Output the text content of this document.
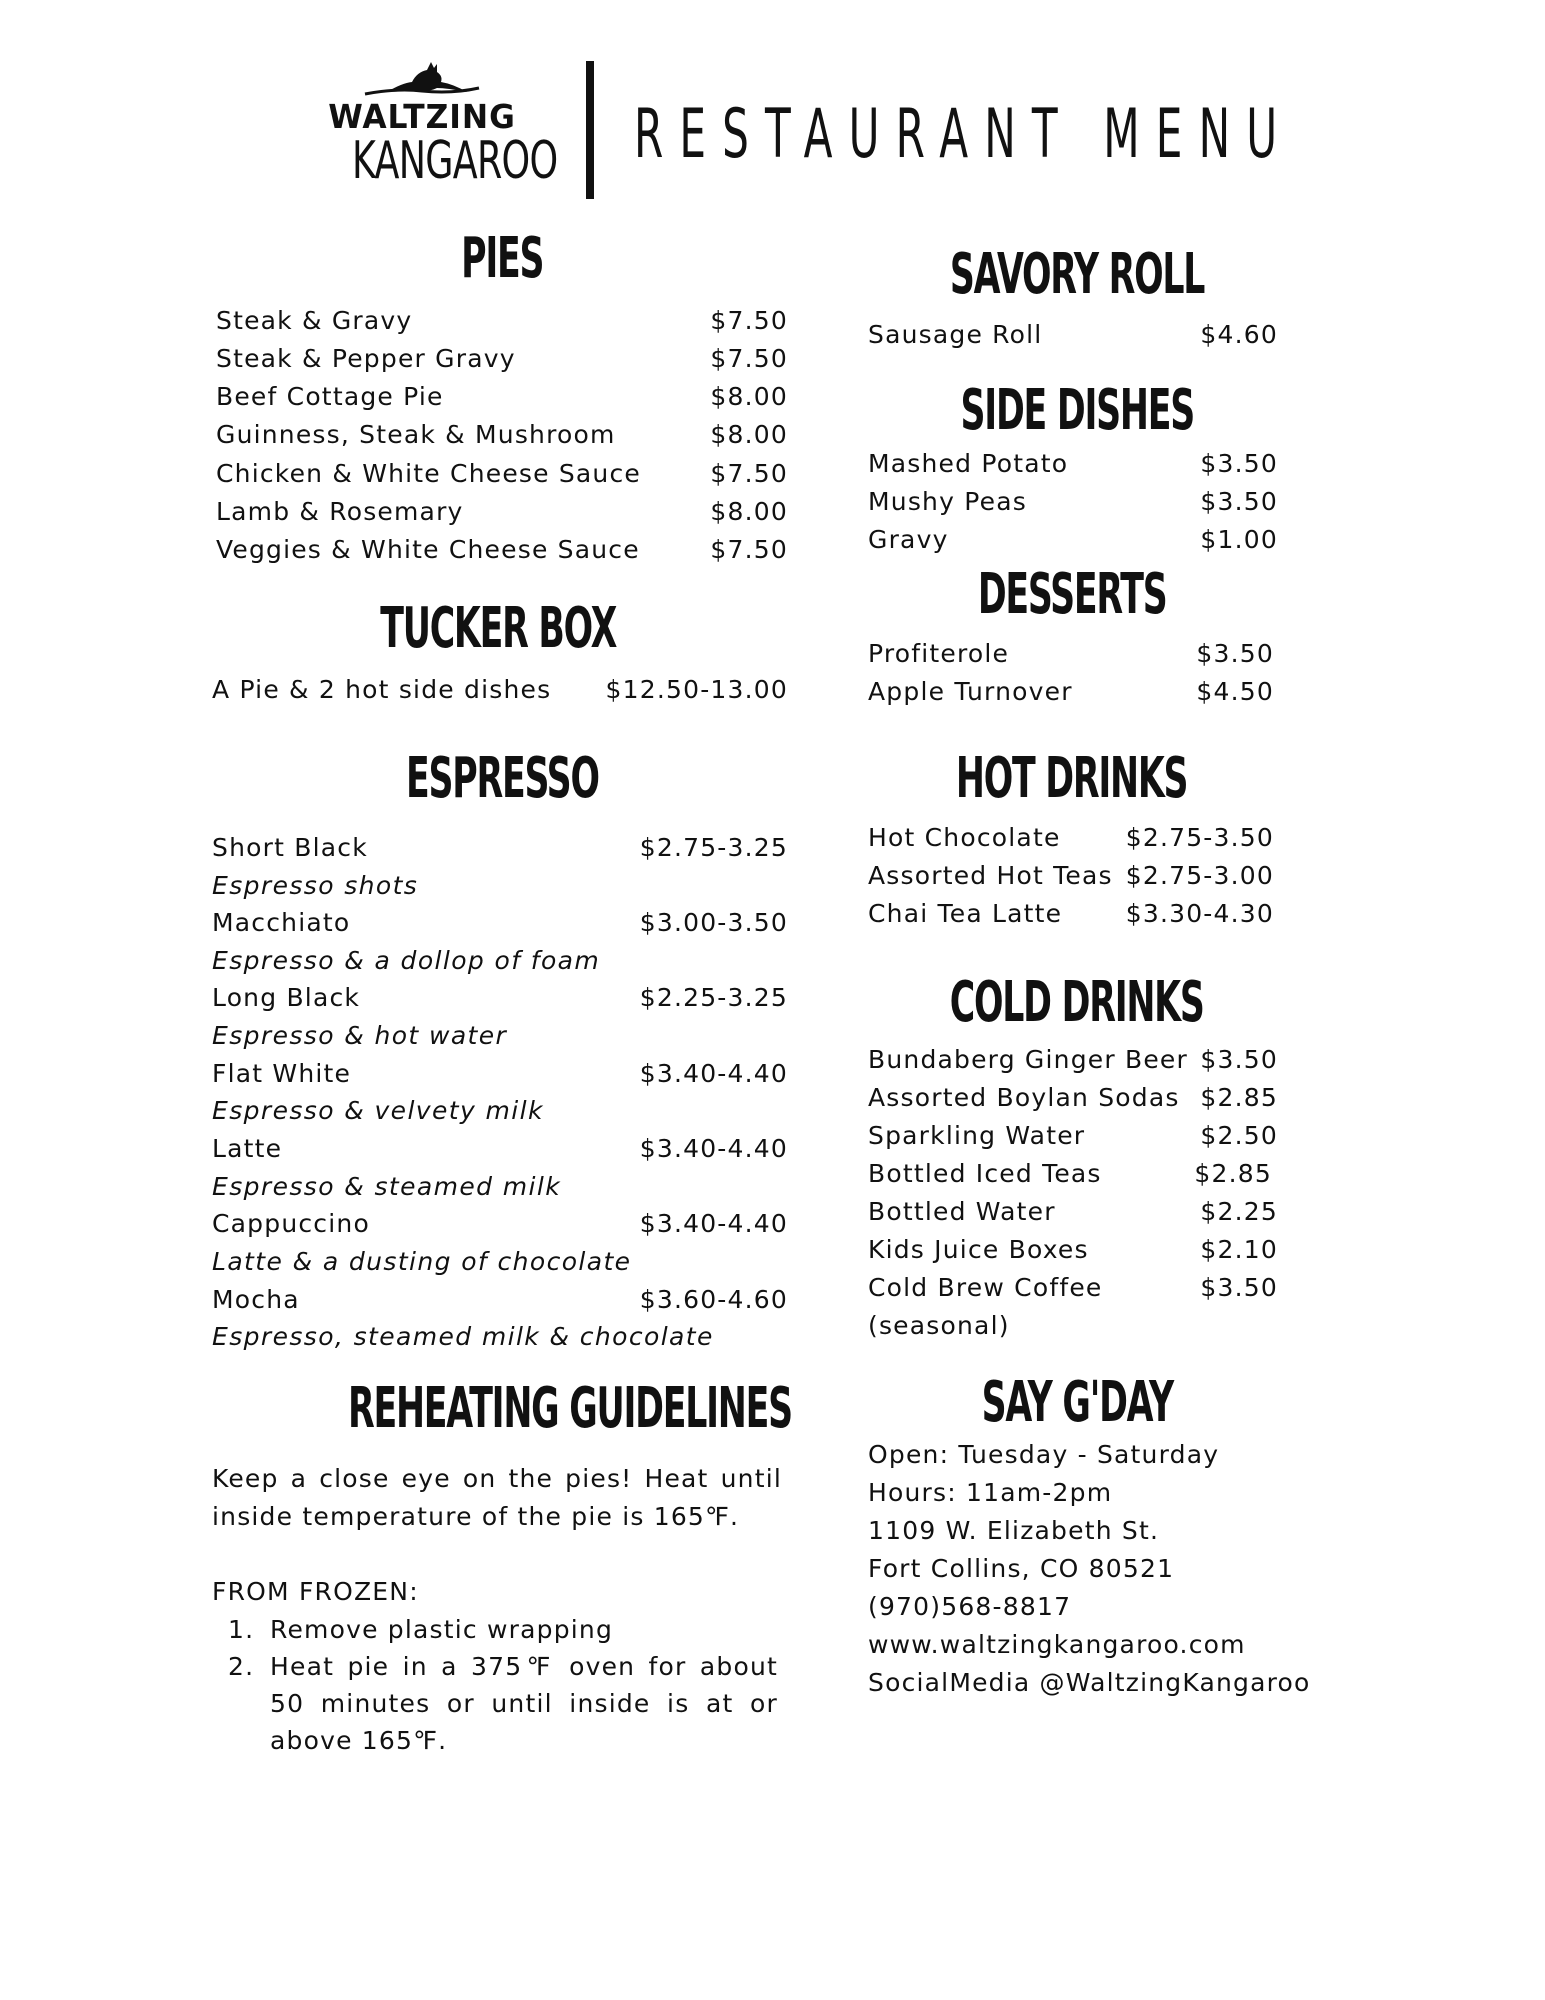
WALTZING
KANGAROO RESTAURANT MENU
PIES
Steak & Gravy	$7.50
Steak & Pepper Gravy	$7.50
Beef Cottage Pie	$8.00
Guinness, Steak & Mushroom	$8.00
Chicken & White Cheese Sauce	$7.50
Lamb & Rosemary	$8.00
Veggies & White Cheese Sauce	$7.50
TUCKER BOX
A Pie & 2 hot side dishes $12.50-13.00
ESPRESSO
Short Black	$2.75-3.25
Espresso shots
Macchiato	$3.00-3.50
Espresso & a dollop of foam
Long Black	$2.25-3.25
Espresso & hot water
Flat White	$3.40-4.40
Espresso & velvety milk
Latte	$3.40-4.40
Espresso & steamed milk
Cappuccino	$3.40-4.40
Latte & a dusting of chocolate
Mocha	$3.60-4.60
Espresso, steamed milk & chocolate
REHEATING GUIDELINES
Keep a close eye on the pies! Heat until inside temperature of the pie is 165℉.
FROM FROZEN:
1. Remove plastic wrapping
2. Heat pie in a 375℉ oven for about 50 minutes or until inside is at or above 165℉.
SAVORY ROLL
Sausage Roll	$4.60
SIDE DISHES
Mashed Potato	$3.50
Mushy Peas	$3.50
Gravy	$1.00
DESSERTS
Profiterole	$3.50
Apple Turnover	$4.50
HOT DRINKS
Hot Chocolate	$2.75-3.50
Assorted Hot Teas $2.75-3.00
Chai Tea Latte	$3.30-4.30
COLD DRINKS
Bundaberg Ginger Beer $3.50
Assorted Boylan Sodas $2.85
Sparkling Water	$2.50
Bottled Iced Teas	$2.85
Bottled Water	$2.25
Kids Juice Boxes	$2.10
Cold Brew Coffee	$3.50
(seasonal)
SAY G'DAY
Open: Tuesday - Saturday
Hours: 11am-2pm
1109 W. Elizabeth St.
Fort Collins, CO 80521
(970)568-8817
www.waltzingkangaroo.com
SocialMedia @WaltzingKangaroo
